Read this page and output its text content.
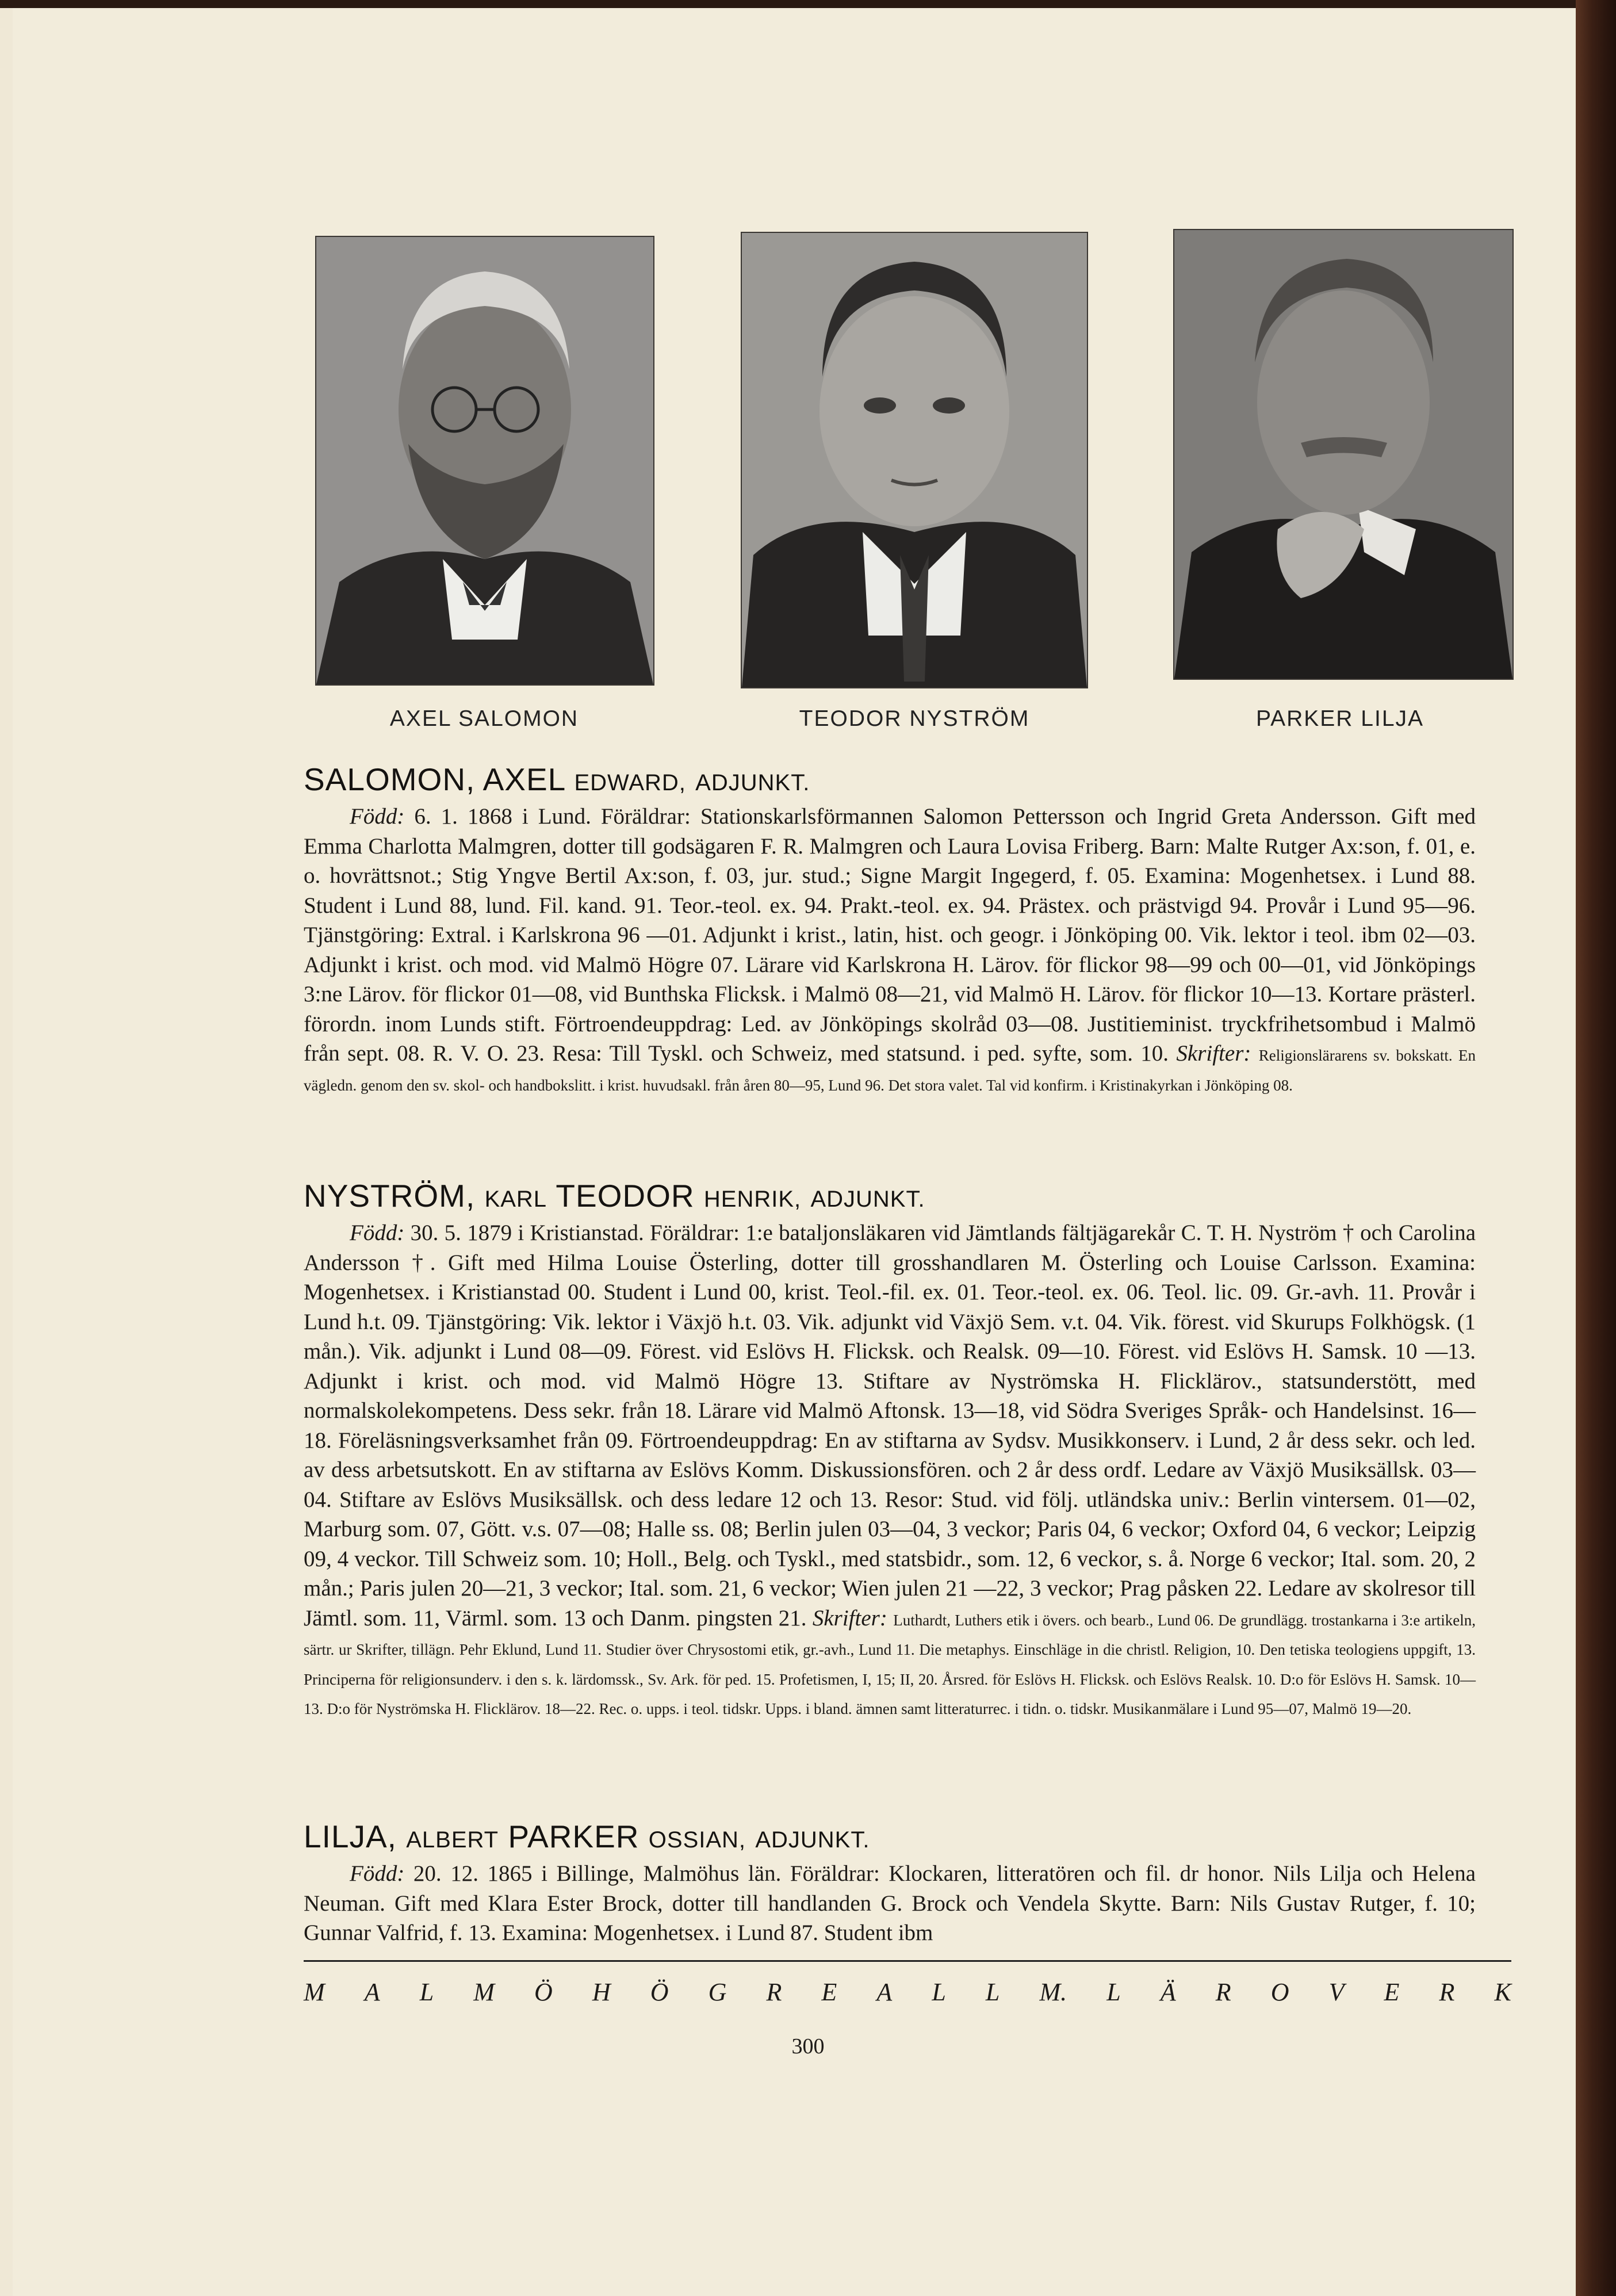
AXEL SALOMON	TEODOR NYSTRÖM	PARKER LILJA

SALOMON, AXEL EDWARD, ADJUNKT.

Född: 6. 1. 1868 i Lund. Föräldrar: Stationskarlsförmannen Salomon Pettersson och Ingrid Greta Andersson. Gift med Emma Charlotta Malmgren, dotter till godsägaren F. R. Malmgren och Laura Lovisa Friberg. Barn: Malte Rutger Ax:son, f. 01, e. o. hovrättsnot.; Stig Yngve Bertil Ax:son, f. 03, jur. stud.; Signe Margit Ingegerd, f. 05. Examina: Mogenhetsex. i Lund 88. Student i Lund 88, lund. Fil. kand. 91. Teor.-teol. ex. 94. Prakt.-teol. ex. 94. Prästex. och prästvigd 94. Provår i Lund 95—96. Tjänstgöring: Extral. i Karlskrona 96 —01. Adjunkt i krist., latin, hist. och geogr. i Jönköping 00. Vik. lektor i teol. ibm 02—03. Adjunkt i krist. och mod. vid Malmö Högre 07. Lärare vid Karlskrona H. Lärov. för flickor 98—99 och 00—01, vid Jönköpings 3:ne Lärov. för flickor 01—08, vid Bunthska Flicksk. i Malmö 08—21, vid Malmö H. Lärov. för flickor 10—13. Kortare prästerl. förordn. inom Lunds stift. Förtroendeuppdrag: Led. av Jönköpings skolråd 03—08. Justitieminist. tryckfrihetsombud i Malmö från sept. 08. R. V. O. 23. Resa: Till Tyskl. och Schweiz, med statsund. i ped. syfte, som. 10. Skrifter: Religionslärarens sv. bokskatt. En vägledn. genom den sv. skol- och handbokslitt. i krist. huvudsakl. från åren 80—95, Lund 96. Det stora valet. Tal vid konfirm. i Kristinakyrkan i Jönköping 08.

NYSTRÖM, KARL TEODOR HENRIK, ADJUNKT.

Född: 30. 5. 1879 i Kristianstad. Föräldrar: 1:e bataljonsläkaren vid Jämtlands fältjägarekår C. T. H. Nyström † och Carolina Andersson †. Gift med Hilma Louise Österling, dotter till grosshandlaren M. Österling och Louise Carlsson. Examina: Mogenhetsex. i Kristianstad 00. Student i Lund 00, krist. Teol.-fil. ex. 01. Teor.-teol. ex. 06. Teol. lic. 09. Gr.-avh. 11. Provår i Lund h.t. 09. Tjänstgöring: Vik. lektor i Växjö h.t. 03. Vik. adjunkt vid Växjö Sem. v.t. 04. Vik. förest. vid Skurups Folkhögsk. (1 mån.). Vik. adjunkt i Lund 08—09. Förest. vid Eslövs H. Flicksk. och Realsk. 09—10. Förest. vid Eslövs H. Samsk. 10 —13. Adjunkt i krist. och mod. vid Malmö Högre 13. Stiftare av Nyströmska H. Flicklärov., statsunderstött, med normalskolekompetens. Dess sekr. från 18. Lärare vid Malmö Aftonsk. 13—18, vid Södra Sveriges Språk- och Handelsinst. 16—18. Föreläsningsverksamhet från 09. Förtroendeuppdrag: En av stiftarna av Sydsv. Musikkonserv. i Lund, 2 år dess sekr. och led. av dess arbetsutskott. En av stiftarna av Eslövs Komm. Diskussionsfören. och 2 år dess ordf. Ledare av Växjö Musiksällsk. 03—04. Stiftare av Eslövs Musiksällsk. och dess ledare 12 och 13. Resor: Stud. vid följ. utländska univ.: Berlin vintersem. 01—02, Marburg som. 07, Gött. v.s. 07—08; Halle ss. 08; Berlin julen 03—04, 3 veckor; Paris 04, 6 veckor; Oxford 04, 6 veckor; Leipzig 09, 4 veckor. Till Schweiz som. 10; Holl., Belg. och Tyskl., med statsbidr., som. 12, 6 veckor, s. å. Norge 6 veckor; Ital. som. 20, 2 mån.; Paris julen 20—21, 3 veckor; Ital. som. 21, 6 veckor; Wien julen 21 —22, 3 veckor; Prag påsken 22. Ledare av skolresor till Jämtl. som. 11, Värml. som. 13 och Danm. pingsten 21. Skrifter: Luthardt, Luthers etik i övers. och bearb., Lund 06. De grundlägg. trostankarna i 3:e artikeln, särtr. ur Skrifter, tillägn. Pehr Eklund, Lund 11. Studier över Chrysostomi etik, gr.-avh., Lund 11. Die metaphys. Einschläge in die christl. Religion, 10. Den tetiska teologiens uppgift, 13. Principerna för religionsunderv. i den s. k. lärdomssk., Sv. Ark. för ped. 15. Profetismen, I, 15; II, 20. Årsred. för Eslövs H. Flicksk. och Eslövs Realsk. 10. D:o för Eslövs H. Samsk. 10—13. D:o för Nyströmska H. Flicklärov. 18—22. Rec. o. upps. i teol. tidskr. Upps. i bland. ämnen samt litteraturrec. i tidn. o. tidskr. Musikanmälare i Lund 95—07, Malmö 19—20.

LILJA, ALBERT PARKER OSSIAN, ADJUNKT.

Född: 20. 12. 1865 i Billinge, Malmöhus län. Föräldrar: Klockaren, litteratören och fil. dr honor. Nils Lilja och Helena Neuman. Gift med Klara Ester Brock, dotter till handlanden G. Brock och Vendela Skytte. Barn: Nils Gustav Rutger, f. 10; Gunnar Valfrid, f. 13. Examina: Mogenhetsex. i Lund 87. Student ibm

M A L M Ö H Ö G R E A L L M. L Ä R O V E R K
300
